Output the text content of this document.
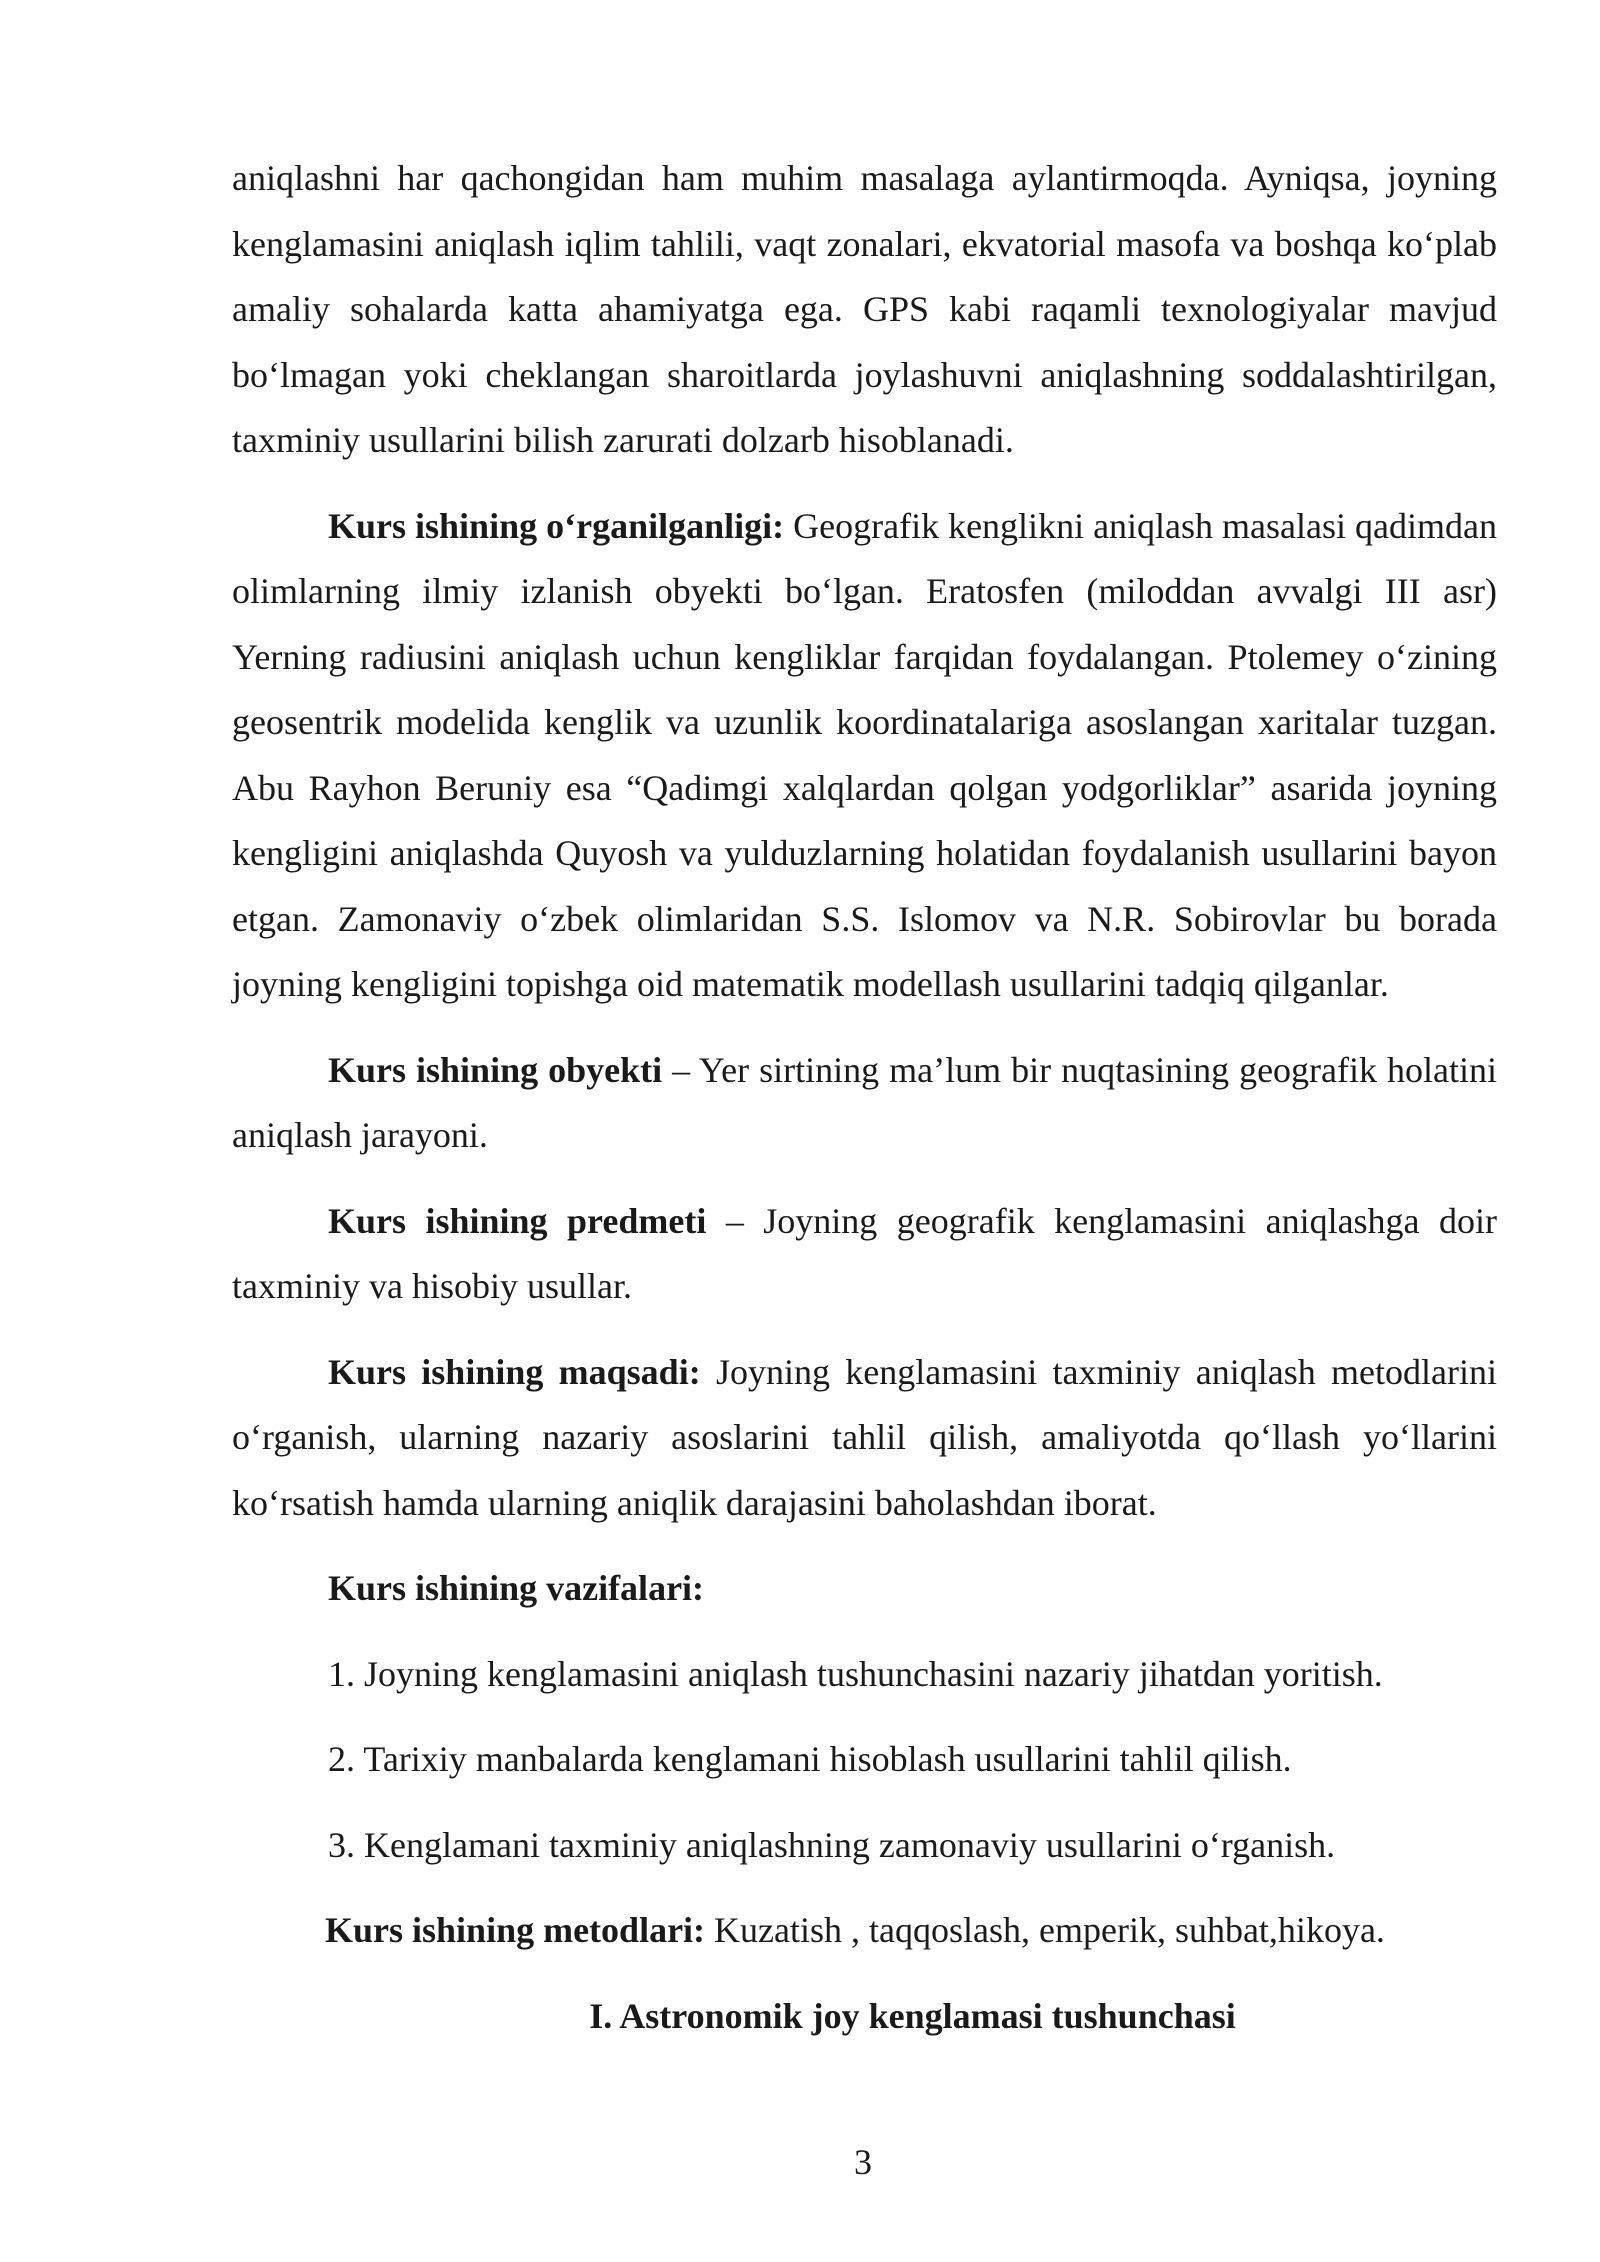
aniqlashni har qachongidan ham muhim masalaga aylantirmoqda. Ayniqsa, joyning kenglamasini aniqlash iqlim tahlili, vaqt zonalari, ekvatorial masofa va boshqa ko‘plab amaliy sohalarda katta ahamiyatga ega. GPS kabi raqamli texnologiyalar mavjud bo‘lmagan yoki cheklangan sharoitlarda joylashuvni aniqlashning soddalashtirilgan, taxminiy usullarini bilish zarurati dolzarb hisoblanadi.

Kurs ishining o‘rganilganligi: Geografik kenglikni aniqlash masalasi qadimdan olimlarning ilmiy izlanish obyekti bo‘lgan. Eratosfen (miloddan avvalgi III asr) Yerning radiusini aniqlash uchun kengliklar farqidan foydalangan. Ptolemey o‘zining geosentrik modelida kenglik va uzunlik koordinatalariga asoslangan xaritalar tuzgan. Abu Rayhon Beruniy esa “Qadimgi xalqlardan qolgan yodgorliklar” asarida joyning kengligini aniqlashda Quyosh va yulduzlarning holatidan foydalanish usullarini bayon etgan. Zamonaviy o‘zbek olimlaridan S.S. Islomov va N.R. Sobirovlar bu borada joyning kengligini topishga oid matematik modellash usullarini tadqiq qilganlar.

Kurs ishining obyekti – Yer sirtining ma’lum bir nuqtasining geografik holatini aniqlash jarayoni.

Kurs ishining predmeti – Joyning geografik kenglamasini aniqlashga doir taxminiy va hisobiy usullar.

Kurs ishining maqsadi: Joyning kenglamasini taxminiy aniqlash metodlarini o‘rganish, ularning nazariy asoslarini tahlil qilish, amaliyotda qo‘llash yo‘llarini ko‘rsatish hamda ularning aniqlik darajasini baholashdan iborat.

Kurs ishining vazifalari:

1. Joyning kenglamasini aniqlash tushunchasini nazariy jihatdan yoritish.

2. Tarixiy manbalarda kenglamani hisoblash usullarini tahlil qilish.

3. Kenglamani taxminiy aniqlashning zamonaviy usullarini o‘rganish.

Kurs ishining metodlari: Kuzatish , taqqoslash, emperik, suhbat,hikoya.

I. Astronomik joy kenglamasi tushunchasi

3
